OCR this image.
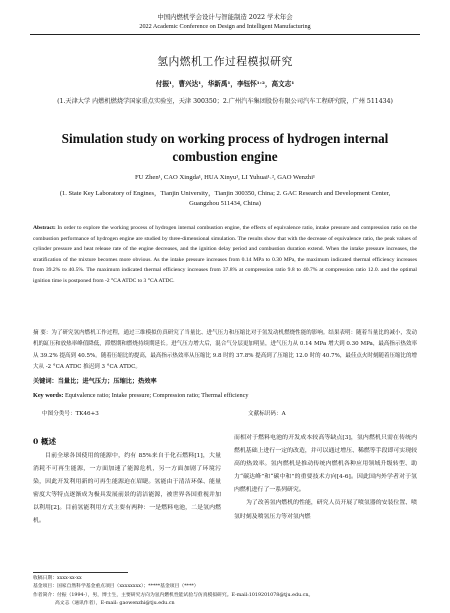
中国内燃机学会设计与智能制造 2022 学术年会
2022 Academic Conference on Design and Intelligent Manufacturing
氢内燃机工作过程模拟研究
付振¹，曹兴达¹，华新禹¹，李钰怀¹˒²，高文志¹
(1.天津大学 内燃机燃烧学国家重点实验室，天津 300350；2.广州汽车集团股份有限公司汽车工程研究院，广州 511434)
Simulation study on working process of hydrogen internal combustion engine
FU Zhen¹, CAO Xingda¹, HUA Xinyu¹, LI Yuhuai¹˒², GAO Wenzhi¹
(1. State Key Laboratory of Engines，Tianjin University，Tianjin 300350, China; 2. GAC Research and Development Center, Guangzhou 511434, China)
Abstract: In order to explore the working process of hydrogen internal combustion engine, the effects of equivalence ratio, intake pressure and compression ratio on the combustion performance of hydrogen engine are studied by three-dimensional simulation. The results show that with the decrease of equivalence ratio, the peak values of cylinder pressure and heat release rate of the engine decreases, and the ignition delay period and combustion duration extend. When the intake pressure increases, the stratification of the mixture becomes more obvious. As the intake pressure increases from 0.14 MPa to 0.30 MPa, the maximum indicated thermal efficiency increases from 39.2% to 40.5%. The maximum indicated thermal efficiency increases from 37.8% at compression ratio 9.8 to 40.7% at compression ratio 12.0. and the optimal ignition time is postponed from -2 °CA ATDC to 3 °CA ATDC.
摘 要：为了研究氢内燃机工作过程，通过三维模拟仿真研究了当量比、进气压力和压缩比对于氢发动机燃烧性能的影响。结果表明：随着当量比的减小，发动机的缸压和放热率峰值降低，滞燃期和燃烧持续期延长。进气压力增大后，混合气分层更加明显，进气压力从 0.14 MPa 增大到 0.30 MPa，最高指示热效率从 39.2% 提高到 40.5%。随着压缩比的提高，最高指示热效率从压缩比 9.8 时的 37.8% 提高到了压缩比 12.0 时的 40.7%，最佳点火时刻随着压缩比的增大从 -2 °CA ATDC 推迟到 3 °CA ATDC。
关键词：当量比；进气压力；压缩比；热效率
Key words: Equivalence ratio; Intake pressure; Compression ratio; Thermal efficiency
中图分类号：TK46+3	文献标识码：A
0 概述
目前全球各国使用的能源中，约有 85%来自于化石燃料[1]，大量消耗不可再生能源，一方面加速了能源危机，另一方面加剧了环境污染，因此开发利用新的可再生能源迫在眉睫。氢能由于清洁环保、能量密度大等特点逐渐成为极具发展前景的清洁能源，被世界各国重视并加以利用[2]。目前氢能利用方式主要有两种：一是燃料电池，二是氢内燃机。
而相对于燃料电池的开发成本较高等缺点[3]，氢内燃机只需在传统内燃机基础上进行一定的改造，并可以通过增压、稀燃等手段即可实现较高的热效率。氢内燃机是推动传统内燃机各种应用领域升级转型、助力“碳达峰”和“碳中和”的重要技术方向[4-6]。因此国内外学者对于氢内燃机进行了一系列研究。
为了改善氢内燃机的性能，研究人员开展了喷氢器的安装位置、喷氢时刻及喷氢压力等对氢内燃
收稿日期：xxxx-xx-xx
基金项目：国家自然科学基金重点项目（xxxxxxxx）；*****基金项目（****）
作者简介：付振（1994-），男，博士生，主要研究方向为氢内燃机性能试验与仿真模拟研究。E-mail:1019201078@tju.edu.cn。
高文志（通讯作者），E-mail: gaowenzhi@tju.edu.cn
